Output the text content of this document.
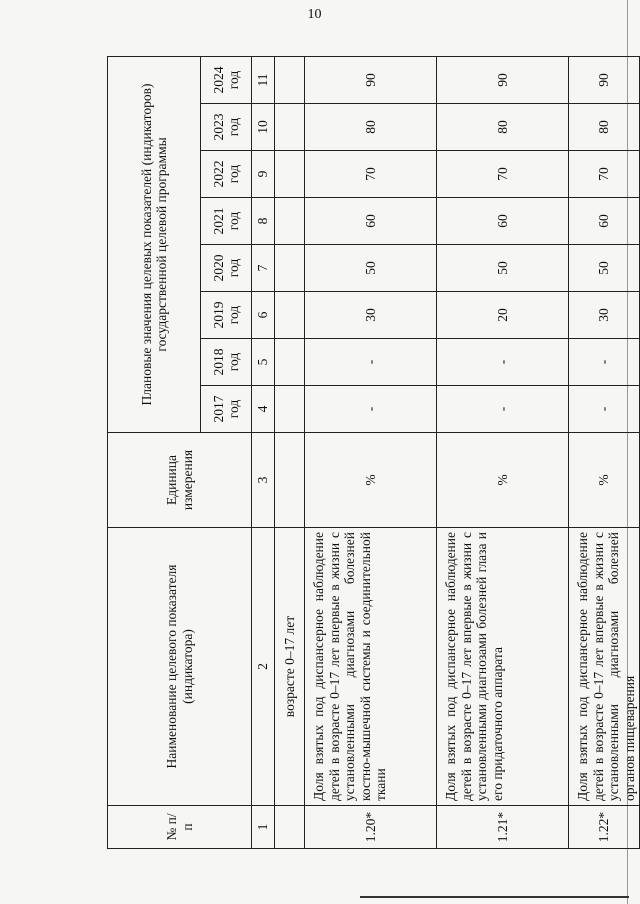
10
№ п/п	Наименование целевого показателя (индикатора)	Единица измерения	Плановые значения целевых показателей (индикаторов) государственной целевой программы							
			2017 год	2018 год	2019 год	2020 год	2021 год	2022 год	2023 год	2024 год
1	2	3	4	5	6	7	8	9	10	11
	возрасте 0–17 лет									
1.20*	Доля взятых под диспансерное наблюдение детей в возрасте 0–17 лет впервые в жизни с установленными диагнозами болезней костно-мышечной системы и соединительной ткани	%	-	-	30	50	60	70	80	90
1.21*	Доля взятых под диспансерное наблюдение детей в возрасте 0–17 лет впервые в жизни с установленными диагнозами болезней глаза и его придаточного аппарата	%	-	-	20	50	60	70	80	90
1.22*	Доля взятых под диспансерное наблюдение детей в возрасте 0–17 лет впервые в жизни с установленными диагнозами болезней органов пищеварения	%	-	-	30	50	60	70	80	90
